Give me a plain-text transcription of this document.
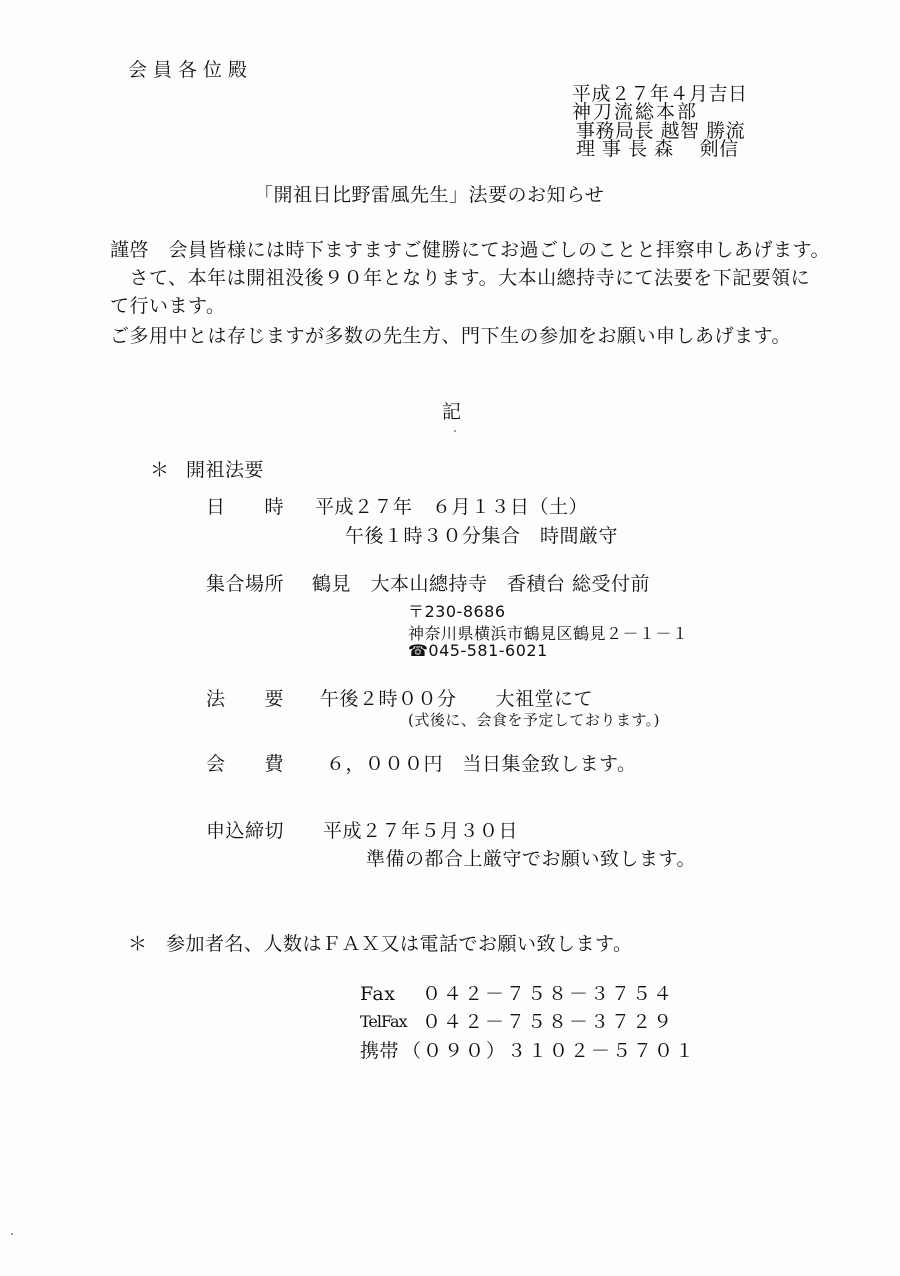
会員各位殿
平成２７年４月吉日
神刀流総本部
事務局長 越智 勝流
理 事 長 森　 剣信
「開祖日比野雷風先生」法要のお知らせ
謹啓　会員皆様には時下ますますご健勝にてお過ごしのことと拝察申しあげます。
　さて、本年は開祖没後９０年となります。大本山總持寺にて法要を下記要領に
て行います。
ご多用中とは存じますが多数の先生方、門下生の参加をお願い申しあげます。
記
＊ 開祖法要
日　　時 平成２７年　６月１３日（土）
午後１時３０分集合　時間厳守
集合場所 鶴見　大本山總持寺　香積台 総受付前
〒230-8686
神奈川県横浜市鶴見区鶴見２－１－１
☎045-581-6021
法　　要 午後２時００分　　大祖堂にて
(式後に、会食を予定しております。)
会　　費 ６，０００円　当日集金致します。
申込締切 平成２７年５月３０日
準備の都合上厳守でお願い致します。
＊ 参加者名、人数はＦＡＸ又は電話でお願い致します。
Fax ０４２－７５８－３７５４
TelFax ０４２－７５８－３７２９
携帯 （０９０）３１０２－５７０１
